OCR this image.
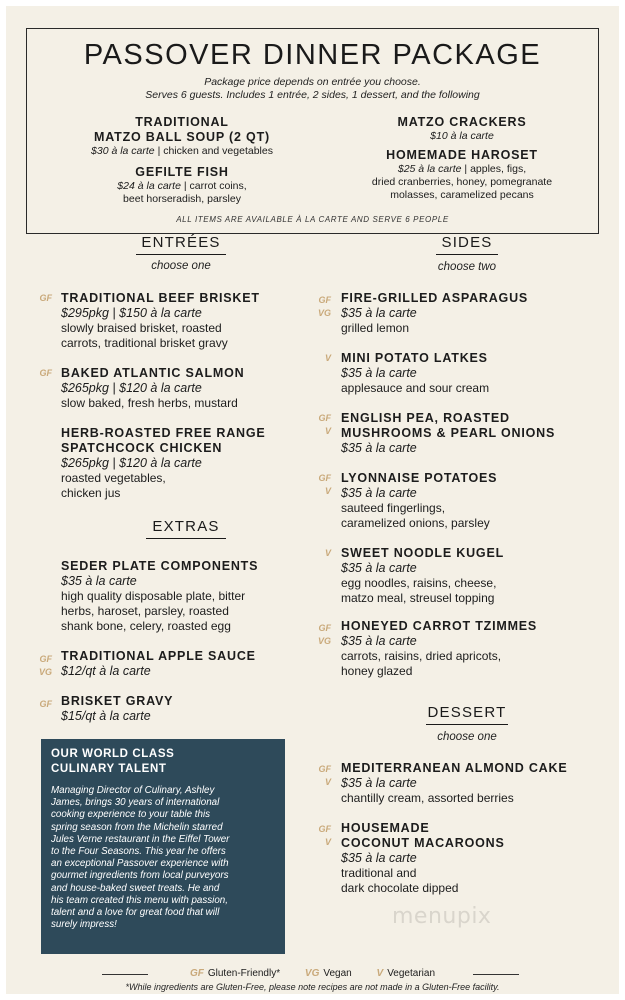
PASSOVER DINNER PACKAGE
Package price depends on entrée you choose.
Serves 6 guests. Includes 1 entrée, 2 sides, 1 dessert, and the following
TRADITIONAL
MATZO BALL SOUP (2 QT)
$30 à la carte | chicken and vegetables
GEFILTE FISH
$24 à la carte | carrot coins,
beet horseradish, parsley
MATZO CRACKERS
$10 à la carte
HOMEMADE HAROSET
$25 à la carte | apples, figs,
dried cranberries, honey, pomegranate
molasses, caramelized pecans
ALL ITEMS ARE AVAILABLE À LA CARTE AND SERVE 6 PEOPLE
ENTRÉES
choose one
GF TRADITIONAL BEEF BRISKET
$295pkg | $150 à la carte
slowly braised brisket, roasted
carrots, traditional brisket gravy
GF BAKED ATLANTIC SALMON
$265pkg | $120 à la carte
slow baked, fresh herbs, mustard
HERB-ROASTED FREE RANGE
SPATCHCOCK CHICKEN
$265pkg | $120 à la carte
roasted vegetables,
chicken jus
EXTRAS
SEDER PLATE COMPONENTS
$35 à la carte
high quality disposable plate, bitter
herbs, haroset, parsley, roasted
shank bone, celery, roasted egg
GF
VG
TRADITIONAL APPLE SAUCE
$12/qt à la carte
GF BRISKET GRAVY
$15/qt à la carte
OUR WORLD CLASS
CULINARY TALENT
Managing Director of Culinary, Ashley
James, brings 30 years of international
cooking experience to your table this
spring season from the Michelin starred
Jules Verne restaurant in the Eiffel Tower
to the Four Seasons. This year he offers
an exceptional Passover experience with
gourmet ingredients from local purveyors
and house-baked sweet treats. He and
his team created this menu with passion,
talent and a love for great food that will
surely impress!
SIDES
choose two
GF
VG
FIRE-GRILLED ASPARAGUS
$35 à la carte
grilled lemon
V MINI POTATO LATKES
$35 à la carte
applesauce and sour cream
GF
V
ENGLISH PEA, ROASTED
MUSHROOMS & PEARL ONIONS
$35 à la carte
GF
V
LYONNAISE POTATOES
$35 à la carte
sauteed fingerlings,
caramelized onions, parsley
V SWEET NOODLE KUGEL
$35 à la carte
egg noodles, raisins, cheese,
matzo meal, streusel topping
GF
VG
HONEYED CARROT TZIMMES
$35 à la carte
carrots, raisins, dried apricots,
honey glazed
DESSERT
choose one
GF
V
MEDITERRANEAN ALMOND CAKE
$35 à la carte
chantilly cream, assorted berries
GF
V
HOUSEMADE
COCONUT MACAROONS
$35 à la carte
traditional and
dark chocolate dipped
menupix
GF Gluten-Friendly* VG Vegan V Vegetarian
*While ingredients are Gluten-Free, please note recipes are not made in a Gluten-Free facility.
